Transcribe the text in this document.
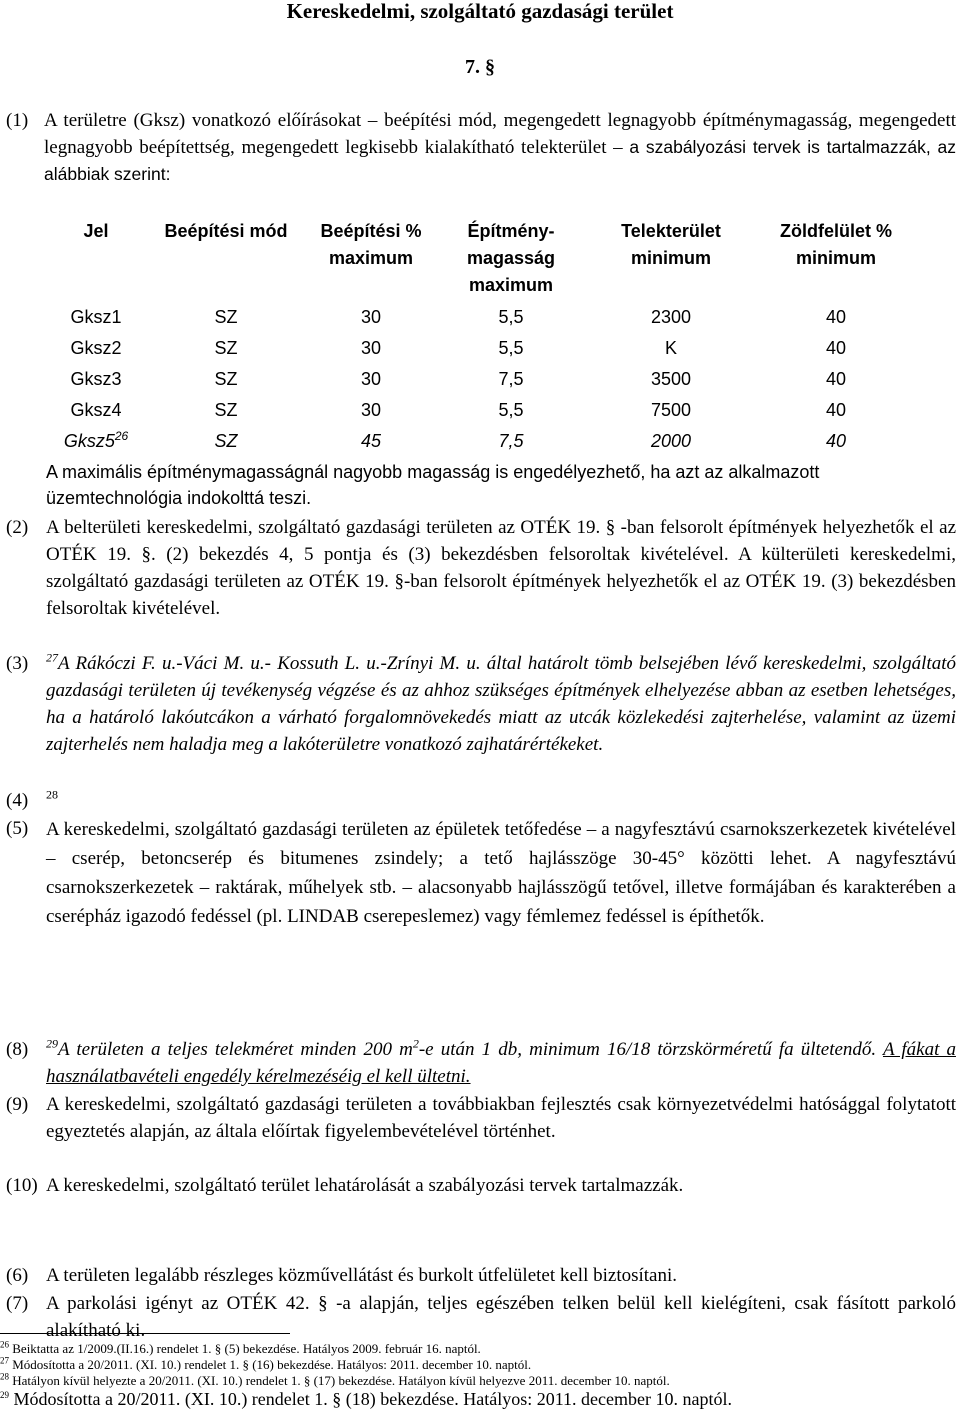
Kereskedelmi, szolgáltató gazdasági terület
7. §
(1) A területre (Gksz) vonatkozó előírásokat – beépítési mód, megengedett legnagyobb építménymagasság, megengedett legnagyobb beépítettség, megengedett legkisebb kialakítható telekterület – a szabályozási tervek is tartalmazzák, az alábbiak szerint:
Jel	Beépítési mód	Beépítési % maximum	Építmény-magasság maximum	Telekterület minimum	Zöldfelület % minimum
Gksz1	SZ	30	5,5	2300	40
Gksz2	SZ	30	5,5	K	40
Gksz3	SZ	30	7,5	3500	40
Gksz4	SZ	30	5,5	7500	40
$Gksz5^{26}$	SZ	45	7,5	2000	40
A maximális építménymagasságnál nagyobb magasság is engedélyezhető, ha azt az alkalmazott üzemtechnológia indokolttá teszi.
(2) A belterületi kereskedelmi, szolgáltató gazdasági területen az OTÉK 19. § -ban felsorolt építmények helyezhetők el az OTÉK 19. §. (2) bekezdés 4, 5 pontja és (3) bekezdésben felsoroltak kivételével. A külterületi kereskedelmi, szolgáltató gazdasági területen az OTÉK 19. §-ban felsorolt építmények helyezhetők el az OTÉK 19. (3) bekezdésben felsoroltak kivételével.
(3) $^{27}$A Rákóczi F. u.-Váci M. u.- Kossuth L. u.-Zrínyi M. u. által határolt tömb belsejében lévő kereskedelmi, szolgáltató gazdasági területen új tevékenység végzése és az ahhoz szükséges építmények elhelyezése abban az esetben lehetséges, ha a határoló lakóutcákon a várható forgalomnövekedés miatt az utcák közlekedési zajterhelése, valamint az üzemi zajterhelés nem haladja meg a lakóterületre vonatkozó zajhatárértékeket.
(4) $^{28}$
(5) A kereskedelmi, szolgáltató gazdasági területen az épületek tetőfedése – a nagyfesztávú csarnokszerkezetek kivételével – cserép, betoncserép és bitumenes zsindely; a tető hajlásszöge 30-45° közötti lehet. A nagyfesztávú csarnokszerkezetek – raktárak, műhelyek stb. – alacsonyabb hajlásszögű tetővel, illetve formájában és karakterében a cserépház igazodó fedéssel (pl. LINDAB cserepeslemez) vagy fémlemez fedéssel is építhetők.
(6) A területen legalább részleges közművellátást és burkolt útfelületet kell biztosítani.
(7) A parkolási igényt az OTÉK 42. § -a alapján, teljes egészében telken belül kell kielégíteni, csak fásított parkoló alakítható ki.
(8) $^{29}$A területen a teljes telekméret minden 200 $m^2-e$ után 1 db, minimum 16/18 törzskörméretű fa ültetendő. A fákat a használatbavételi engedély kérelmezéséig el kell ültetni.
(9) A kereskedelmi, szolgáltató gazdasági területen a továbbiakban fejlesztés csak környezetvédelmi hatósággal folytatott egyeztetés alapján, az általa előírtak figyelembevételével történhet.
(10) A kereskedelmi, szolgáltató terület lehatárolását a szabályozási tervek tartalmazzák.
$^{26}$ Beiktatta az 1/2009.(II.16.) rendelet 1. § (5) bekezdése. Hatályos 2009. február 16. naptól.
$^{27}$ Módosította a 20/2011. (XI. 10.) rendelet 1. § (16) bekezdése. Hatályos: 2011. december 10. naptól.
$^{28}$ Hatályon kívül helyezte a 20/2011. (XI. 10.) rendelet 1. § (17) bekezdése. Hatályon kívül helyezve 2011. december 10. naptól.
$^{29}$ Módosította a 20/2011. (XI. 10.) rendelet 1. § (18) bekezdése. Hatályos: 2011. december 10. naptól.
